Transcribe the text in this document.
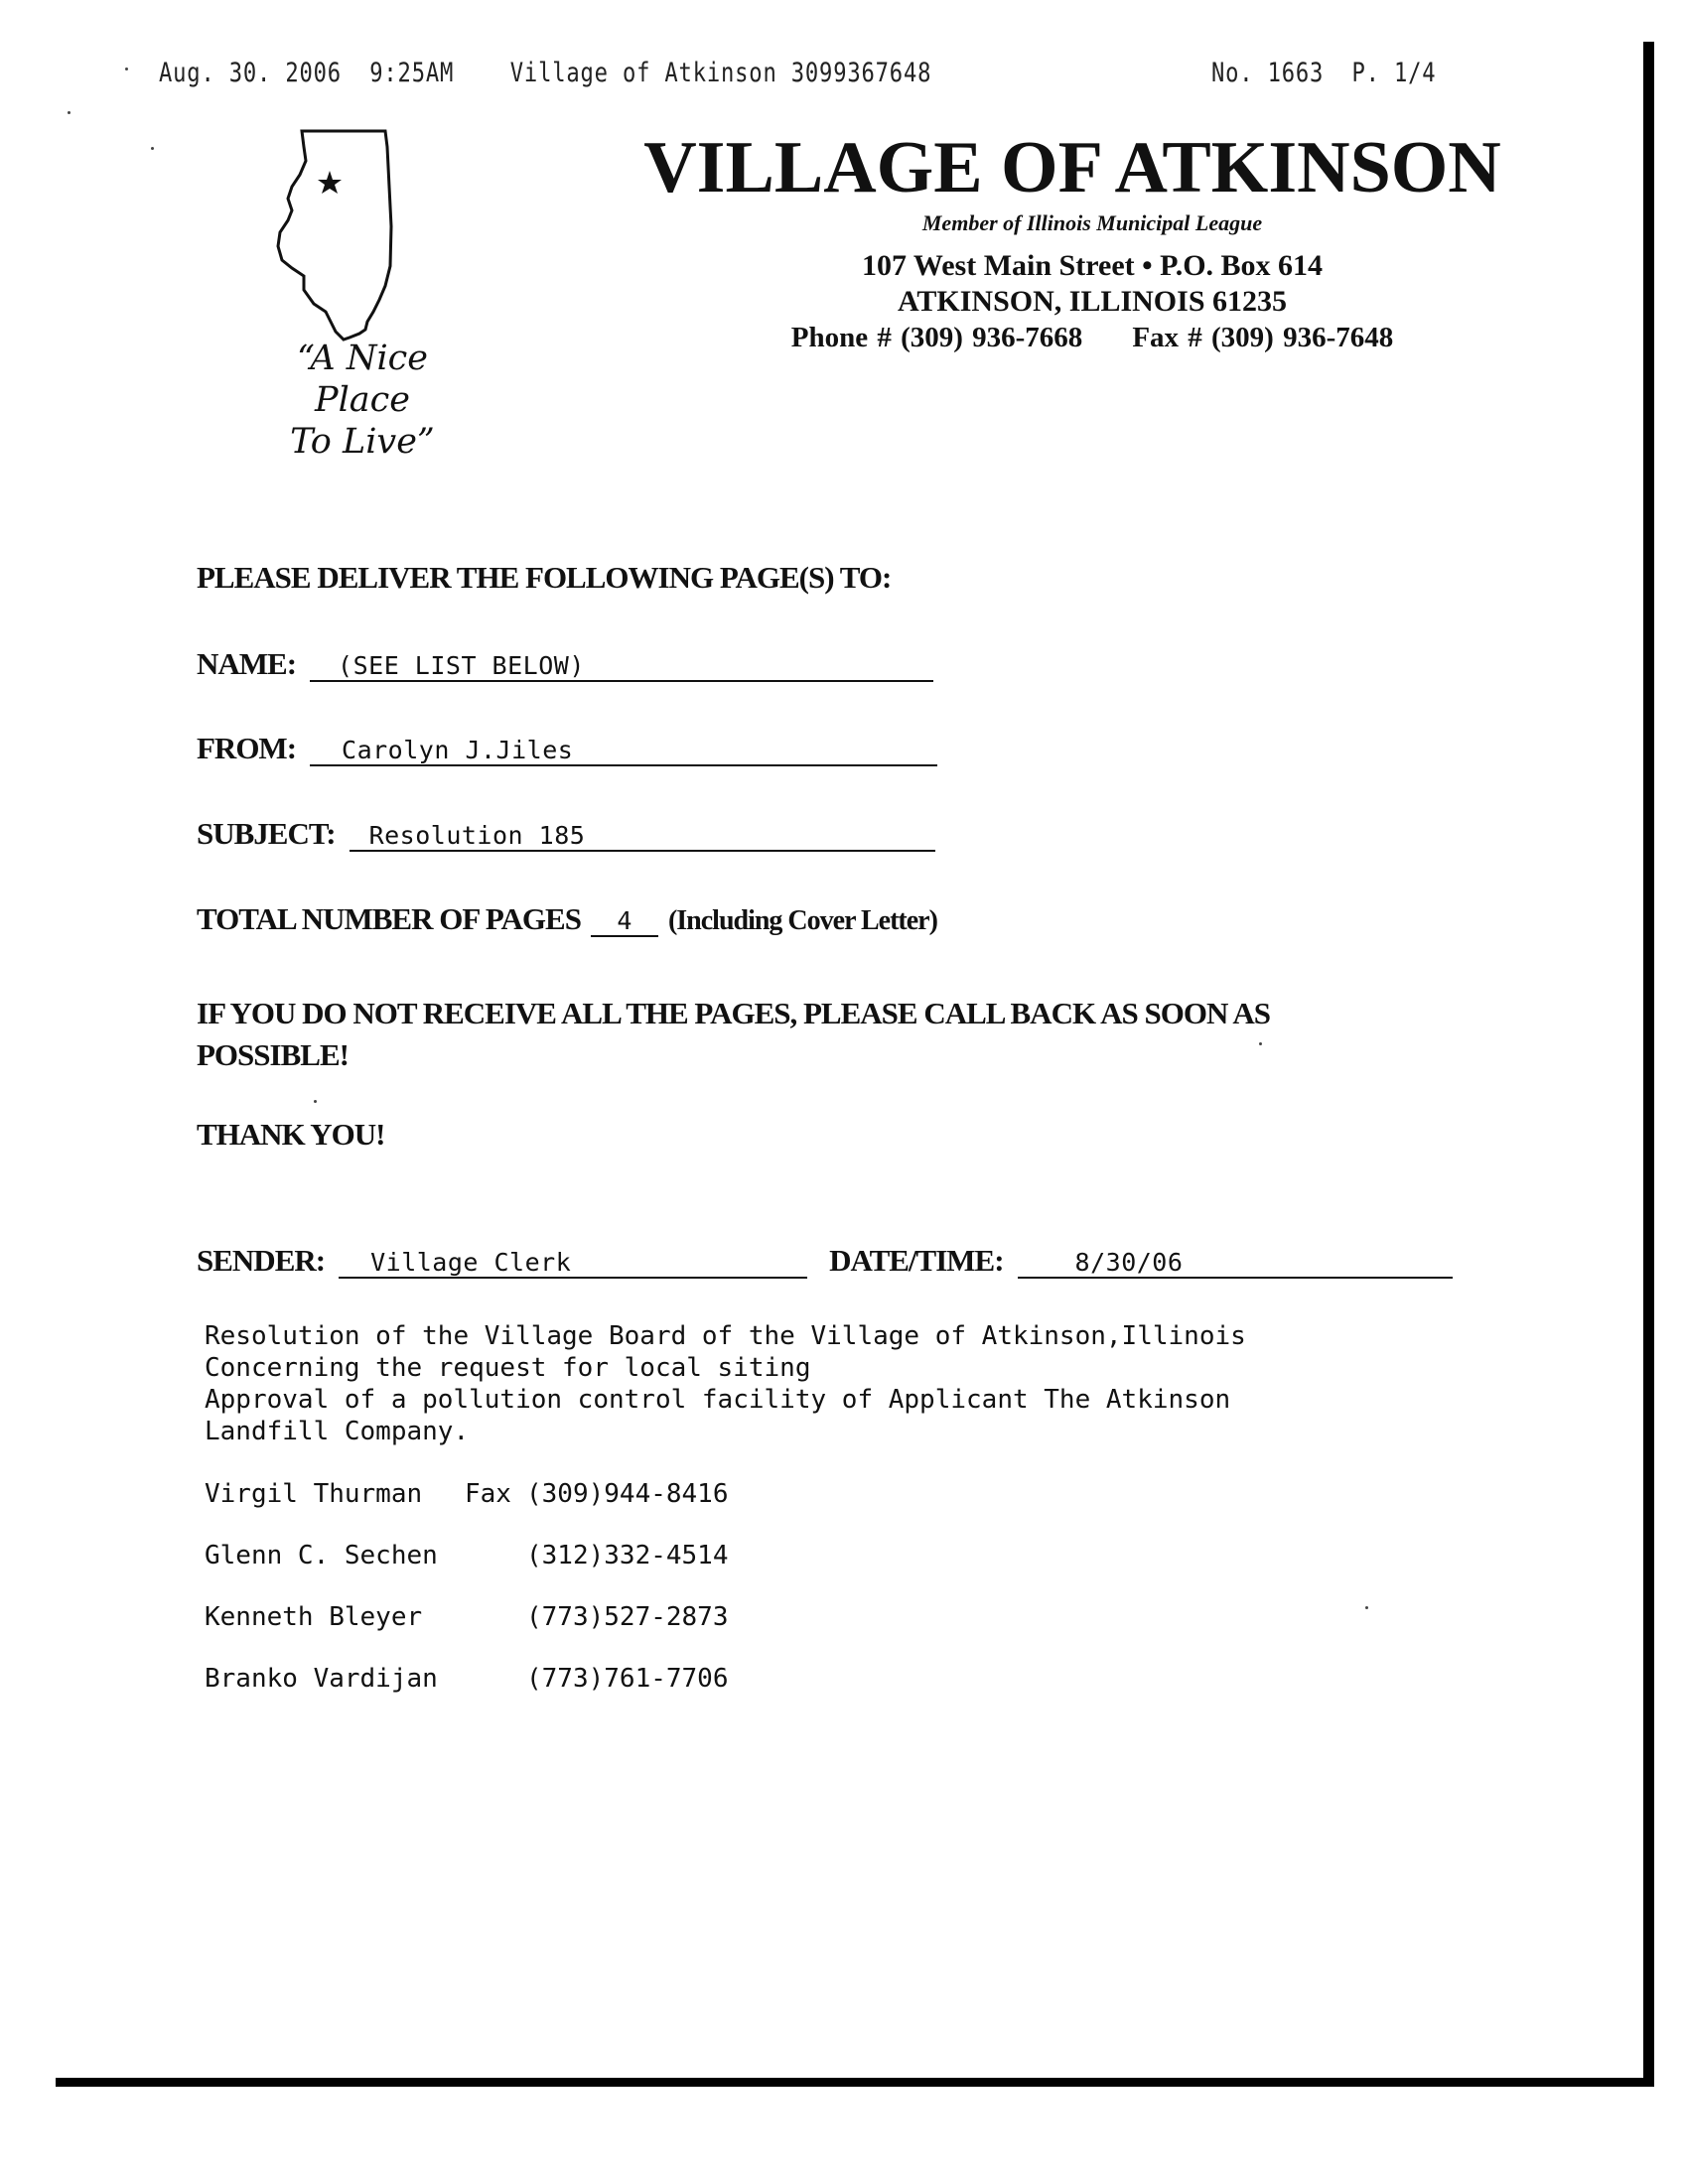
Aug. 30. 2006 9:25AM Village of Atkinson 3099367648	No. 1663 P. 1/4
“A Nice Place
To Live”
VILLAGE OF ATKINSON
Member of Illinois Municipal League
107 West Main Street • P.O. Box 614
ATKINSON, ILLINOIS 61235
Phone # (309) 936-7668 Fax # (309) 936-7648
PLEASE DELIVER THE FOLLOWING PAGE(S) TO:
NAME: (SEE LIST BELOW)
FROM: Carolyn J.Jiles
SUBJECT: Resolution 185
TOTAL NUMBER OF PAGES 4 (Including Cover Letter)
IF YOU DO NOT RECEIVE ALL THE PAGES, PLEASE CALL BACK AS SOON AS POSSIBLE!
THANK YOU!
SENDER: Village Clerk	DATE/TIME:	8/30/06
Resolution of the Village Board of the Village of Atkinson,Illinois
Concerning the request for local siting
Approval of a pollution control facility of Applicant The Atkinson
Landfill Company.
Virgil Thurman Fax (309)944-8416
Glenn C. Sechen	(312)332-4514
Kenneth Bleyer	(773)527-2873
Branko Vardijan	(773)761-7706
